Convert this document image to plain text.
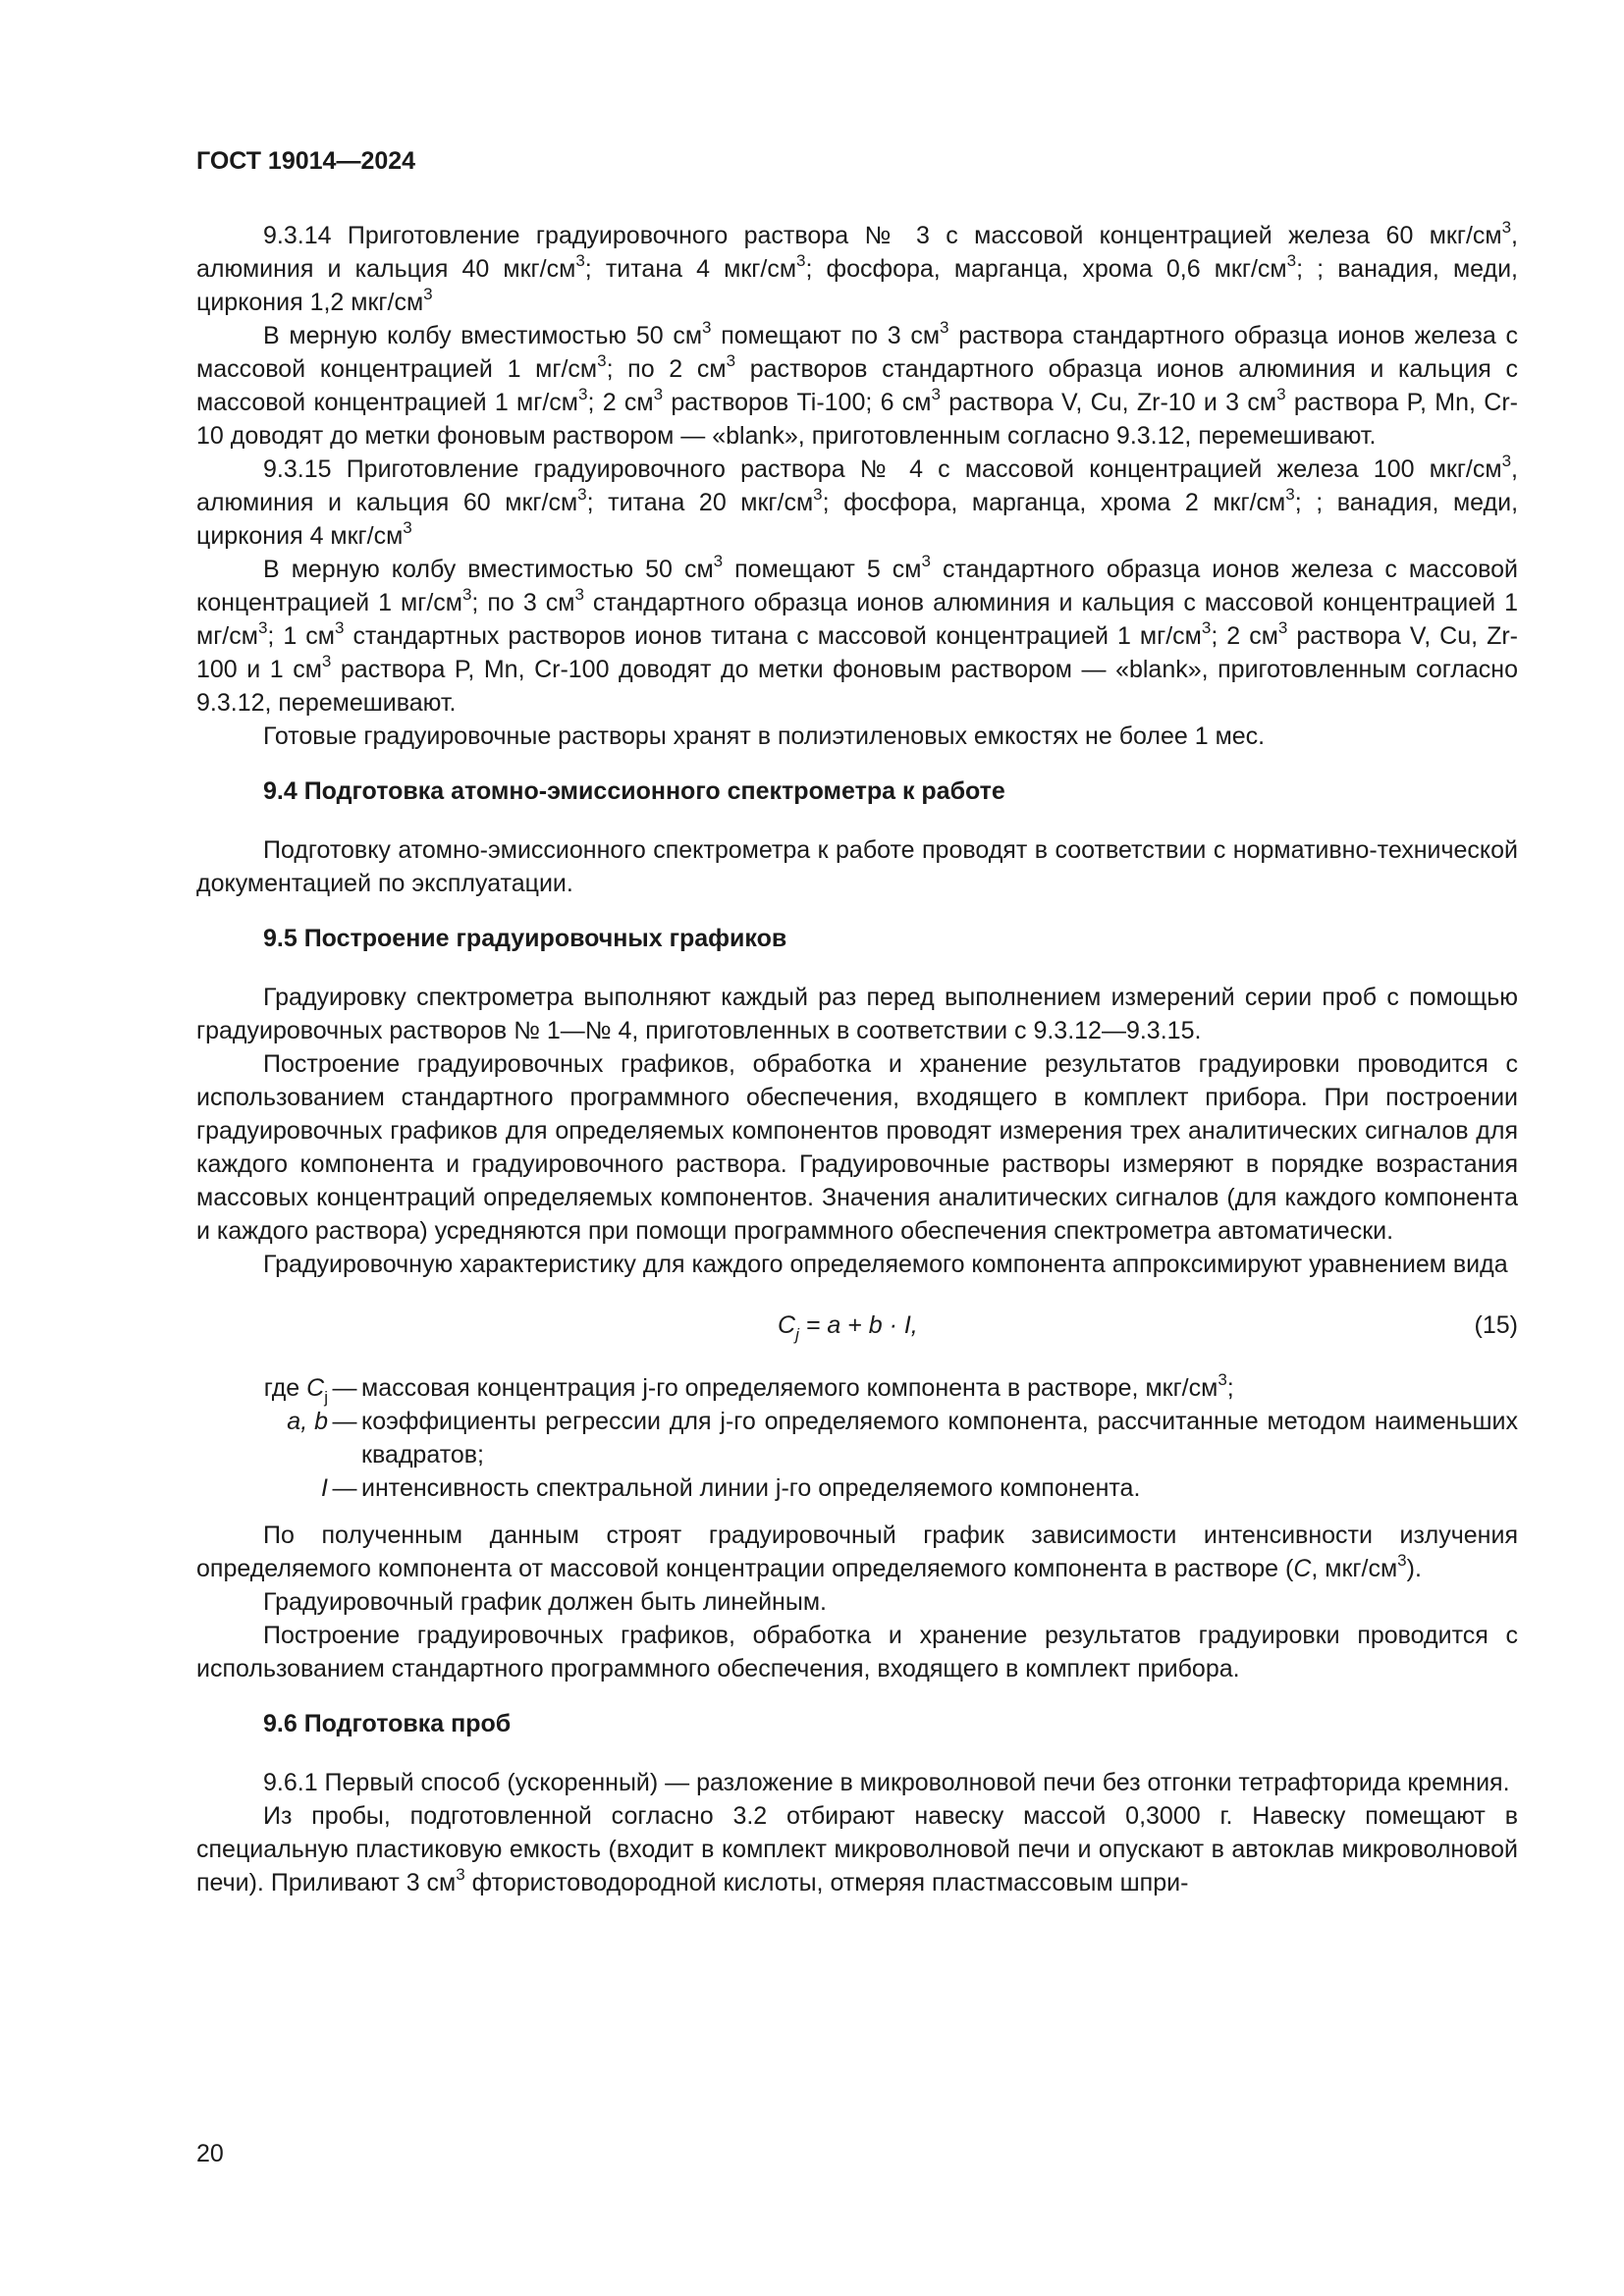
ГОСТ 19014—2024

9.3.14 Приготовление градуировочного раствора № 3 с массовой концентрацией железа 60 мкг/$см^3$, алюминия и кальция 40 мкг/$см^3$; титана 4 мкг/$см^3$; фосфора, марганца, хрома 0,6 мкг/$см^3$; ; ванадия, меди, циркония 1,2 мкг/$см^3$

В мерную колбу вместимостью 50 $см^3$ помещают по 3 $см^3$ раствора стандартного образца ионов железа с массовой концентрацией 1 $мг/см^3$; по 2 $см^3$ растворов стандартного образца ионов алюминия и кальция с массовой концентрацией 1 $мг/см^3$; 2 $см^3$ растворов Ti-100; 6 $см^3$ раствора V, Cu, Zr-10 и 3 $см^3$ раствора P, Mn, Cr-10 доводят до метки фоновым раствором — «blank», приготовленным согласно 9.3.12, перемешивают.

9.3.15 Приготовление градуировочного раствора № 4 с массовой концентрацией железа 100 мкг/$см^3$, алюминия и кальция 60 мкг/$см^3$; титана 20 мкг/$см^3$; фосфора, марганца, хрома 2 мкг/$см^3$; ; ванадия, меди, циркония 4 мкг/$см^3$

В мерную колбу вместимостью 50 $см^3$ помещают 5 $см^3$ стандартного образца ионов железа с массовой концентрацией 1 $мг/см^3$; по 3 $см^3$ стандартного образца ионов алюминия и кальция с массовой концентрацией 1 $мг/см^3$; 1 $см^3$ стандартных растворов ионов титана с массовой концентрацией 1 $мг/см^3$; 2 $см^3$ раствора V, Cu, Zr-100 и 1 $см^3$ раствора P, Mn, Cr-100 доводят до метки фоновым раствором — «blank», приготовленным согласно 9.3.12, перемешивают.

Готовые градуировочные растворы хранят в полиэтиленовых емкостях не более 1 мес.

9.4 Подготовка атомно-эмиссионного спектрометра к работе

Подготовку атомно-эмиссионного спектрометра к работе проводят в соответствии с нормативно-технической документацией по эксплуатации.

9.5 Построение градуировочных графиков

Градуировку спектрометра выполняют каждый раз перед выполнением измерений серии проб с помощью градуировочных растворов № 1—№ 4, приготовленных в соответствии с 9.3.12—9.3.15.

Построение градуировочных графиков, обработка и хранение результатов градуировки проводится с использованием стандартного программного обеспечения, входящего в комплект прибора. При построении градуировочных графиков для определяемых компонентов проводят измерения трех аналитических сигналов для каждого компонента и градуировочного раствора. Градуировочные растворы измеряют в порядке возрастания массовых концентраций определяемых компонентов. Значения аналитических сигналов (для каждого компонента и каждого раствора) усредняются при помощи программного обеспечения спектрометра автоматически.

Градуировочную характеристику для каждого определяемого компонента аппроксимируют уравнением вида

$C_j = a + b \cdot I$,	(15)
где $C_j$ — массовая концентрация j-го определяемого компонента в растворе, мкг/$см^3$;
a, b — коэффициенты регрессии для j-го определяемого компонента, рассчитанные методом наименьших квадратов;
I — интенсивность спектральной линии j-го определяемого компонента.

По полученным данным строят градуировочный график зависимости интенсивности излучения определяемого компонента от массовой концентрации определяемого компонента в растворе (C, мкг/$см^3$).

Градуировочный график должен быть линейным.

Построение градуировочных графиков, обработка и хранение результатов градуировки проводится с использованием стандартного программного обеспечения, входящего в комплект прибора.

9.6 Подготовка проб

9.6.1 Первый способ (ускоренный) — разложение в микроволновой печи без отгонки тетрафторида кремния.

Из пробы, подготовленной согласно 3.2 отбирают навеску массой 0,3000 г. Навеску помещают в специальную пластиковую емкость (входит в комплект микроволновой печи и опускают в автоклав микроволновой печи). Приливают 3 $см^3$ фтористоводородной кислоты, отмеряя пластмассовым шпри-

20
